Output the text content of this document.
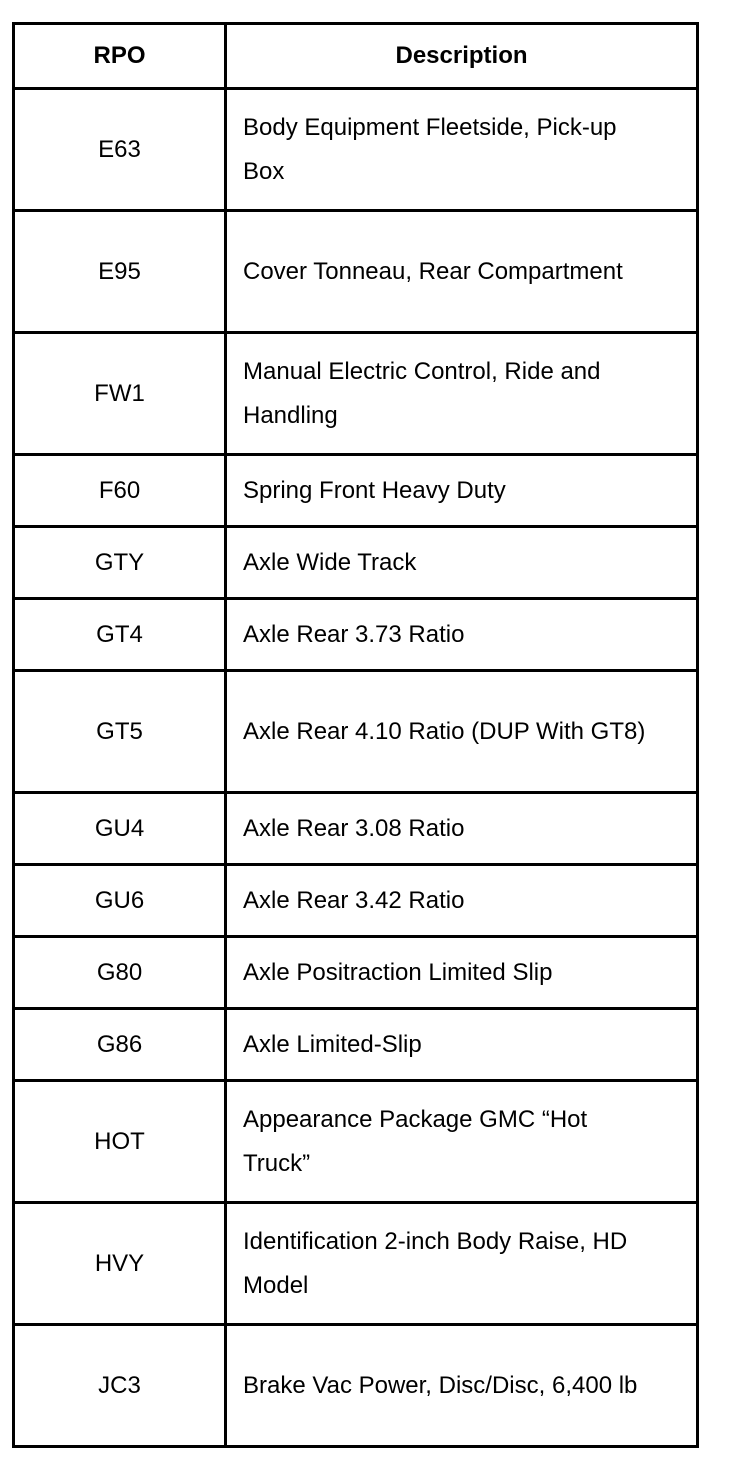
RPO	Description
E63	Body Equipment Fleetside, Pick-up Box
E95	Cover Tonneau, Rear Compartment
FW1	Manual Electric Control, Ride and Handling
F60	Spring Front Heavy Duty
GTY	Axle Wide Track
GT4	Axle Rear 3.73 Ratio
GT5	Axle Rear 4.10 Ratio (DUP With GT8)
GU4	Axle Rear 3.08 Ratio
GU6	Axle Rear 3.42 Ratio
G80	Axle Positraction Limited Slip
G86	Axle Limited-Slip
HOT	Appearance Package GMC “Hot Truck”
HVY	Identification 2-inch Body Raise, HD Model
JC3	Brake Vac Power, Disc/Disc, 6,400 lb
